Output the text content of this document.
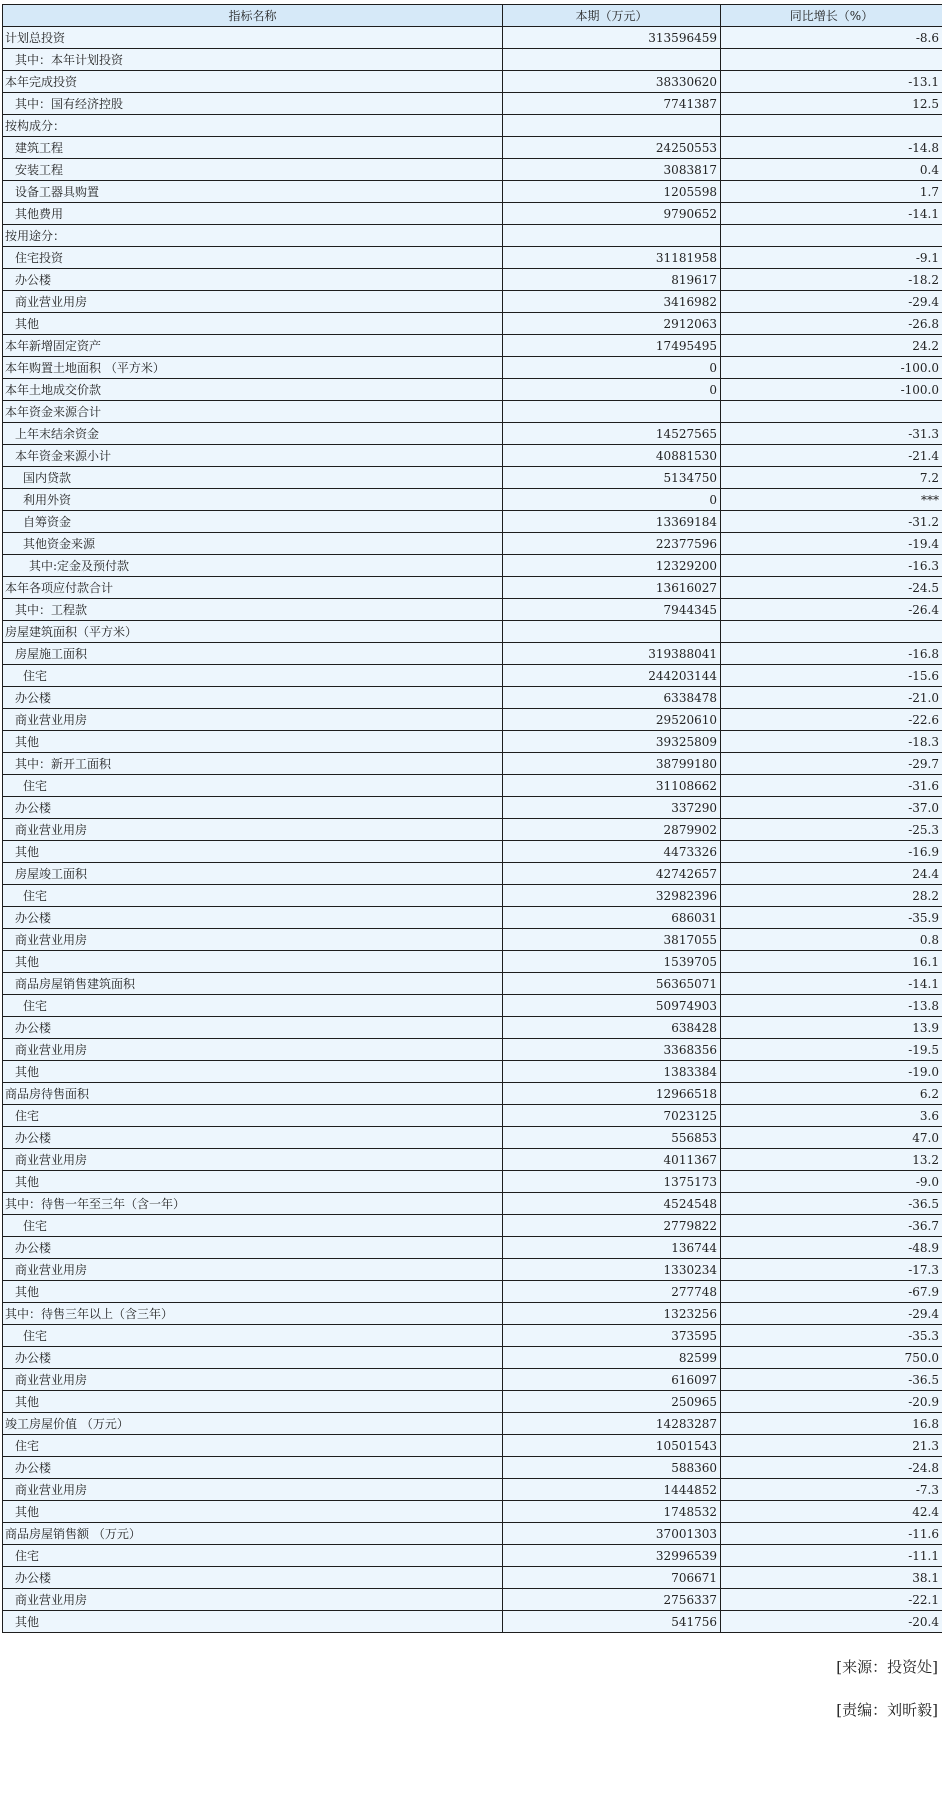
指标名称	本期（万元）	同比增长（%）
计划总投资	313596459	-8.6
其中：本年计划投资		
本年完成投资	38330620	-13.1
其中：国有经济控股	7741387	12.5
按构成分：		
建筑工程	24250553	-14.8
安装工程	3083817	0.4
设备工器具购置	1205598	1.7
其他费用	9790652	-14.1
按用途分：		
住宅投资	31181958	-9.1
办公楼	819617	-18.2
商业营业用房	3416982	-29.4
其他	2912063	-26.8
本年新增固定资产	17495495	24.2
本年购置土地面积 （平方米）	0	-100.0
本年土地成交价款	0	-100.0
本年资金来源合计		
上年末结余资金	14527565	-31.3
本年资金来源小计	40881530	-21.4
国内贷款	5134750	7.2
利用外资	0	***
自筹资金	13369184	-31.2
其他资金来源	22377596	-19.4
其中:定金及预付款	12329200	-16.3
本年各项应付款合计	13616027	-24.5
其中：工程款	7944345	-26.4
房屋建筑面积（平方米）		
房屋施工面积	319388041	-16.8
住宅	244203144	-15.6
办公楼	6338478	-21.0
商业营业用房	29520610	-22.6
其他	39325809	-18.3
其中：新开工面积	38799180	-29.7
住宅	31108662	-31.6
办公楼	337290	-37.0
商业营业用房	2879902	-25.3
其他	4473326	-16.9
房屋竣工面积	42742657	24.4
住宅	32982396	28.2
办公楼	686031	-35.9
商业营业用房	3817055	0.8
其他	1539705	16.1
商品房屋销售建筑面积	56365071	-14.1
住宅	50974903	-13.8
办公楼	638428	13.9
商业营业用房	3368356	-19.5
其他	1383384	-19.0
商品房待售面积	12966518	6.2
住宅	7023125	3.6
办公楼	556853	47.0
商业营业用房	4011367	13.2
其他	1375173	-9.0
其中：待售一年至三年（含一年）	4524548	-36.5
住宅	2779822	-36.7
办公楼	136744	-48.9
商业营业用房	1330234	-17.3
其他	277748	-67.9
其中：待售三年以上（含三年）	1323256	-29.4
住宅	373595	-35.3
办公楼	82599	750.0
商业营业用房	616097	-36.5
其他	250965	-20.9
竣工房屋价值 （万元）	14283287	16.8
住宅	10501543	21.3
办公楼	588360	-24.8
商业营业用房	1444852	-7.3
其他	1748532	42.4
商品房屋销售额 （万元）	37001303	-11.6
住宅	32996539	-11.1
办公楼	706671	38.1
商业营业用房	2756337	-22.1
其他	541756	-20.4
[来源：投资处]
[责编：刘昕毅]
